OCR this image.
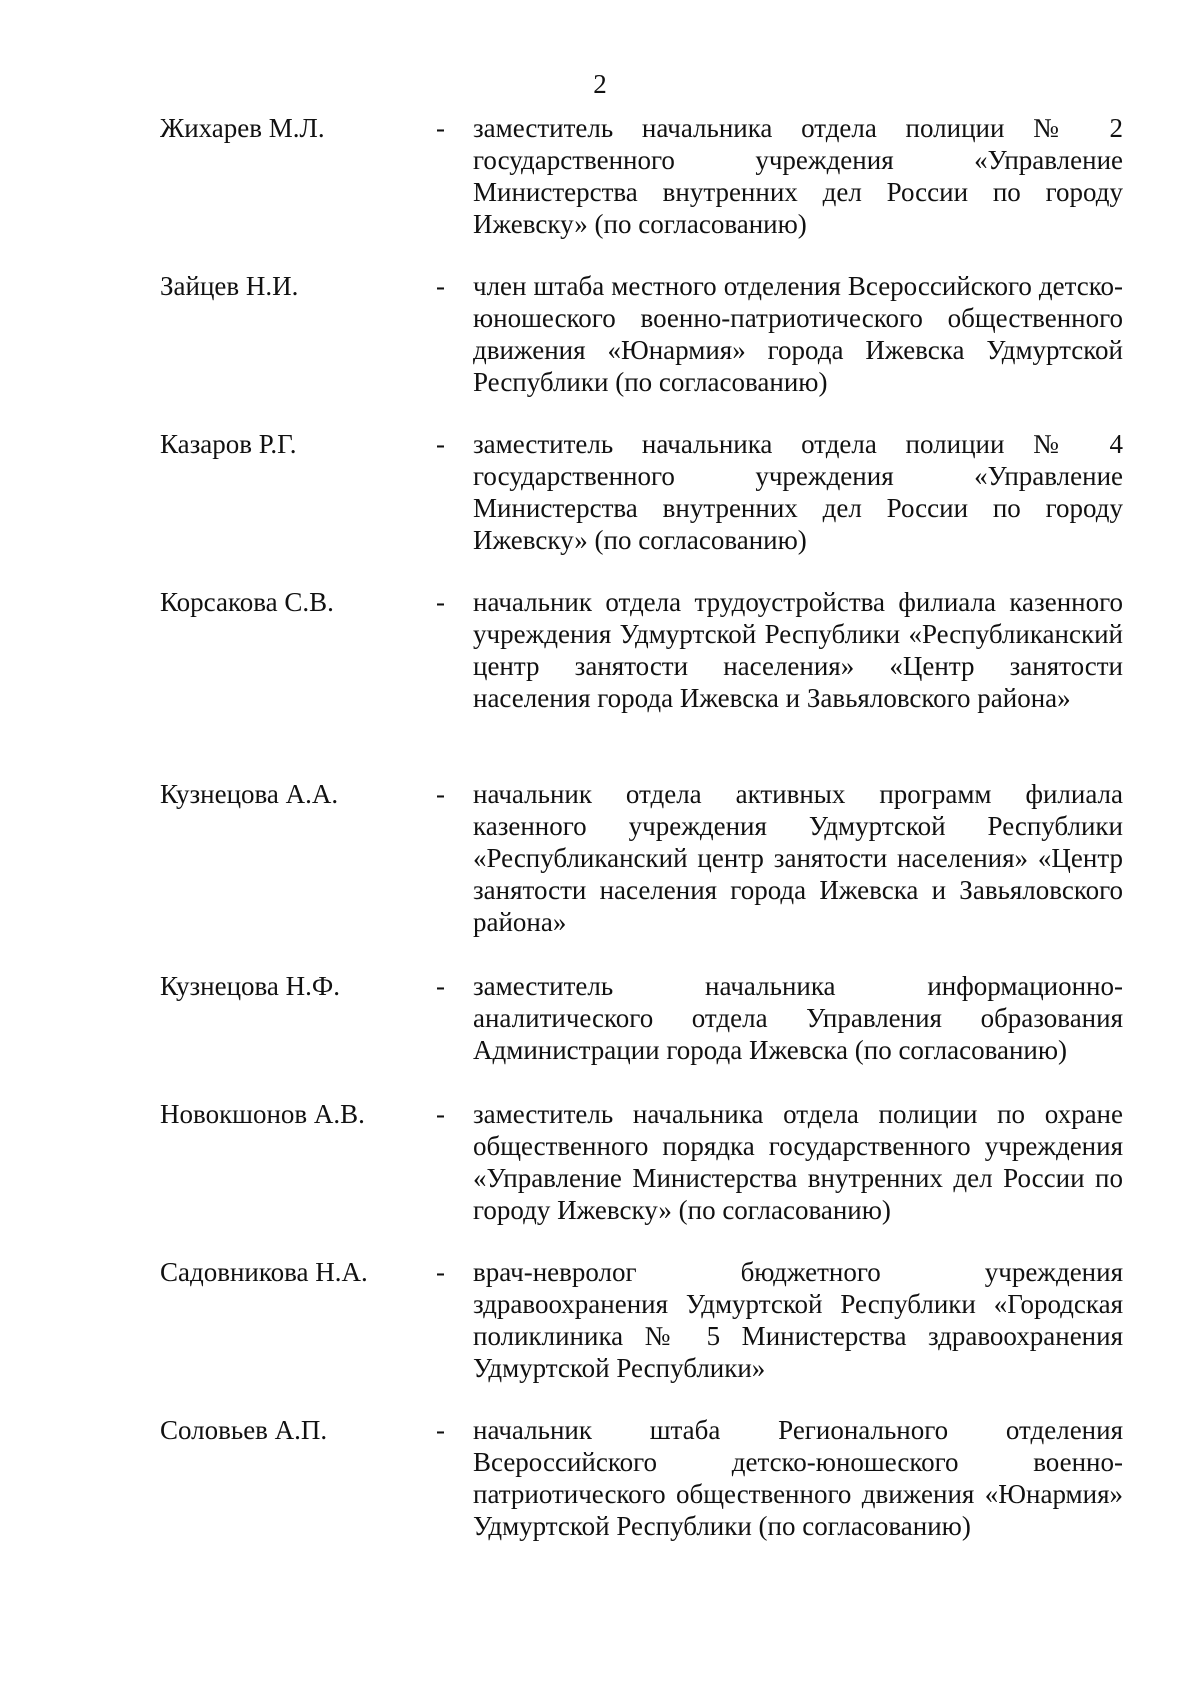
2
Жихарев М.Л.	- заместитель начальника отдела полиции № 2 государственного учреждения «Управление Министерства внутренних дел России по городу Ижевску» (по согласованию)

Зайцев Н.И.	- член штаба местного отделения Всероссийского детско-юношеского военно-патриотического общественного движения «Юнармия» города Ижевска Удмуртской Республики (по согласованию)

Казаров Р.Г.	- заместитель начальника отдела полиции № 4 государственного учреждения «Управление Министерства внутренних дел России по городу Ижевску» (по согласованию)

Корсакова С.В.	- начальник отдела трудоустройства филиала казенного учреждения Удмуртской Республики «Республиканский центр занятости населения» «Центр занятости населения города Ижевска и Завьяловского района»

Кузнецова А.А.	- начальник отдела активных программ филиала казенного учреждения Удмуртской Республики «Республиканский центр занятости населения» «Центр занятости населения города Ижевска и Завьяловского района»

Кузнецова Н.Ф.	- заместитель начальника информационно-аналитического отдела Управления образования Администрации города Ижевска (по согласованию)

Новокшонов А.В.	- заместитель начальника отдела полиции по охране общественного порядка государственного учреждения «Управление Министерства внутренних дел России по городу Ижевску» (по согласованию)

Садовникова Н.А.	- врач-невролог бюджетного учреждения здравоохранения Удмуртской Республики «Городская поликлиника № 5 Министерства здравоохранения Удмуртской Республики»

Соловьев А.П.	- начальник штаба Регионального отделения Всероссийского детско-юношеского военно-патриотического общественного движения «Юнармия» Удмуртской Республики (по согласованию)
